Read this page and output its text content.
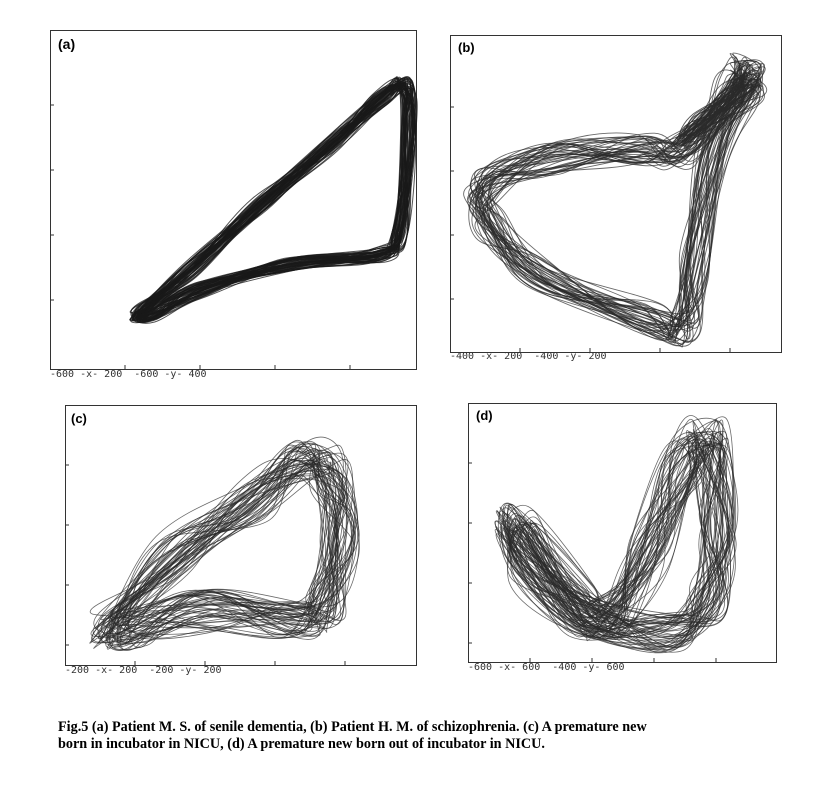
(a)
-600 -x- 200  -600 -y- 400
(b)
-400 -x- 200  -400 -y- 200
(c)
-200 -x- 200  -200 -y- 200
(d)
-600 -x- 600  -400 -y- 600
Fig.5 (a) Patient M. S. of senile dementia, (b) Patient H. M. of schizophrenia. (c) A premature new
born in incubator in NICU, (d) A premature new born out of incubator in NICU.
